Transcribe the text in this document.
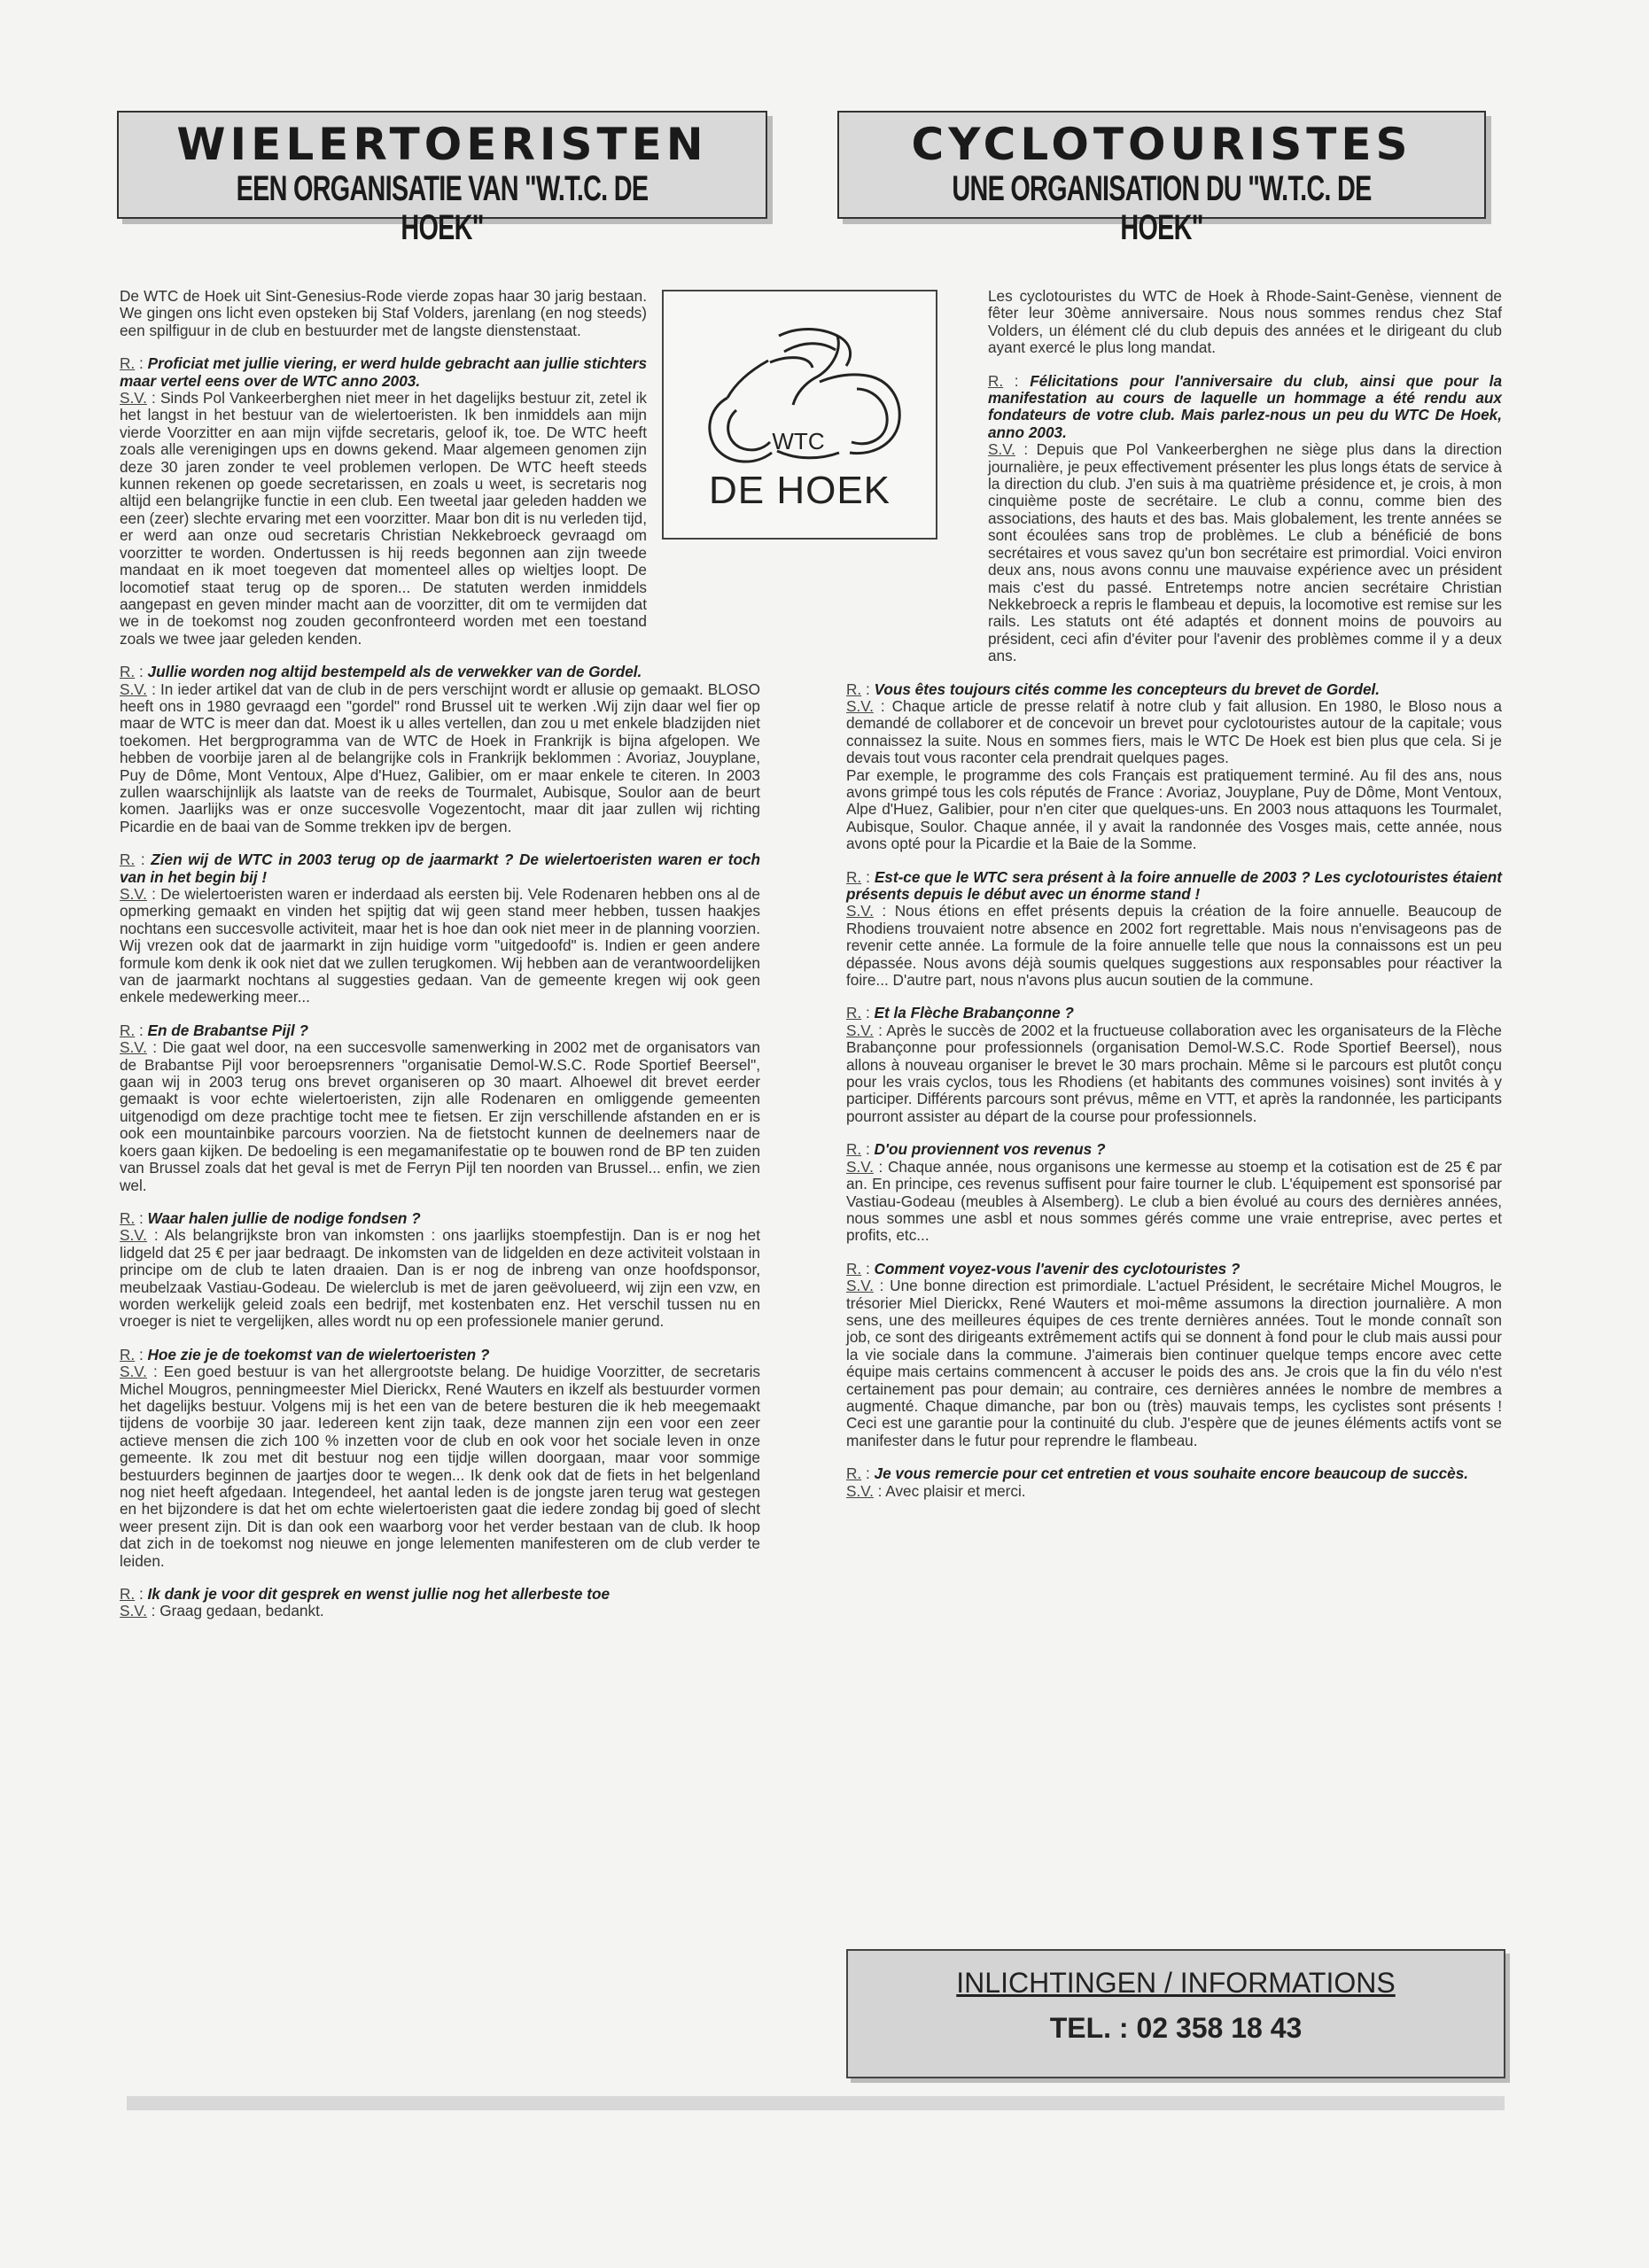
WIELERTOERISTEN
EEN ORGANISATIE VAN "W.T.C. DE HOEK"
CYCLOTOURISTES
UNE ORGANISATION DU "W.T.C. DE HOEK"
WTC
DE HOEK

De WTC de Hoek uit Sint-Genesius-Rode vierde zopas haar 30 jarig bestaan. We gingen ons licht even opsteken bij Staf Volders, jarenlang (en nog steeds) een spilfiguur in de club en bestuurder met de langste dienstenstaat.

R. : Proficiat met jullie viering, er werd hulde gebracht aan jullie stichters maar vertel eens over de WTC anno 2003.
S.V. : Sinds Pol Vankeerberghen niet meer in het dagelijks bestuur zit, zetel ik het langst in het bestuur van de wielertoeristen. Ik ben inmiddels aan mijn vierde Voorzitter en aan mijn vijfde secretaris, geloof ik, toe. De WTC heeft zoals alle verenigingen ups en downs gekend. Maar algemeen genomen zijn deze 30 jaren zonder te veel problemen verlopen. De WTC heeft steeds kunnen rekenen op goede secretarissen, en zoals u weet, is secretaris nog altijd een belangrijke functie in een club. Een tweetal jaar geleden hadden we een (zeer) slechte ervaring met een voorzitter. Maar bon dit is nu verleden tijd, er werd aan onze oud secretaris Christian Nekkebroeck gevraagd om voorzitter te worden. Ondertussen is hij reeds begonnen aan zijn tweede mandaat en ik moet toegeven dat momenteel alles op wieltjes loopt. De locomotief staat terug op de sporen... De statuten werden inmiddels aangepast en geven minder macht aan de voorzitter, dit om te vermijden dat we in de toekomst nog zouden geconfronteerd worden met een toestand zoals we twee jaar geleden kenden.

R. : Jullie worden nog altijd bestempeld als de verwekker van de Gordel.
S.V. : In ieder artikel dat van de club in de pers verschijnt wordt er allusie op gemaakt. BLOSO heeft ons in 1980 gevraagd een "gordel" rond Brussel uit te werken .Wij zijn daar wel fier op maar de WTC is meer dan dat. Moest ik u alles vertellen, dan zou u met enkele bladzijden niet toekomen. Het bergprogramma van de WTC de Hoek in Frankrijk is bijna afgelopen. We hebben de voorbije jaren al de belangrijke cols in Frankrijk beklommen : Avoriaz, Jouyplane, Puy de Dôme, Mont Ventoux, Alpe d'Huez, Galibier, om er maar enkele te citeren. In 2003 zullen waarschijnlijk als laatste van de reeks de Tourmalet, Aubisque, Soulor aan de beurt komen. Jaarlijks was er onze succesvolle Vogezentocht, maar dit jaar zullen wij richting Picardie en de baai van de Somme trekken ipv de bergen.

R. : Zien wij de WTC in 2003 terug op de jaarmarkt ? De wielertoeristen waren er toch van in het begin bij !
S.V. : De wielertoeristen waren er inderdaad als eersten bij. Vele Rodenaren hebben ons al de opmerking gemaakt en vinden het spijtig dat wij geen stand meer hebben, tussen haakjes nochtans een succesvolle activiteit, maar het is hoe dan ook niet meer in de planning voorzien. Wij vrezen ook dat de jaarmarkt in zijn huidige vorm "uitgedoofd" is. Indien er geen andere formule kom denk ik ook niet dat we zullen terugkomen. Wij hebben aan de verantwoordelijken van de jaarmarkt nochtans al suggesties gedaan. Van de gemeente kregen wij ook geen enkele medewerking meer...

R. : En de Brabantse Pijl ?
S.V. : Die gaat wel door, na een succesvolle samenwerking in 2002 met de organisators van de Brabantse Pijl voor beroepsrenners "organisatie Demol-W.S.C. Rode Sportief Beersel", gaan wij in 2003 terug ons brevet organiseren op 30 maart. Alhoewel dit brevet eerder gemaakt is voor echte wielertoeristen, zijn alle Rodenaren en omliggende gemeenten uitgenodigd om deze prachtige tocht mee te fietsen. Er zijn verschillende afstanden en er is ook een mountainbike parcours voorzien. Na de fietstocht kunnen de deelnemers naar de koers gaan kijken. De bedoeling is een megamanifestatie op te bouwen rond de BP ten zuiden van Brussel zoals dat het geval is met de Ferryn Pijl ten noorden van Brussel... enfin, we zien wel.

R. : Waar halen jullie de nodige fondsen ?
S.V. : Als belangrijkste bron van inkomsten : ons jaarlijks stoempfestijn. Dan is er nog het lidgeld dat 25 € per jaar bedraagt. De inkomsten van de lidgelden en deze activiteit volstaan in principe om de club te laten draaien. Dan is er nog de inbreng van onze hoofdsponsor, meubelzaak Vastiau-Godeau. De wielerclub is met de jaren geëvolueerd, wij zijn een vzw, en worden werkelijk geleid zoals een bedrijf, met kostenbaten enz. Het verschil tussen nu en vroeger is niet te vergelijken, alles wordt nu op een professionele manier gerund.

R. : Hoe zie je de toekomst van de wielertoeristen ?
S.V. : Een goed bestuur is van het allergrootste belang. De huidige Voorzitter, de secretaris Michel Mougros, penningmeester Miel Dierickx, René Wauters en ikzelf als bestuurder vormen het dagelijks bestuur. Volgens mij is het een van de betere besturen die ik heb meegemaakt tijdens de voorbije 30 jaar. Iedereen kent zijn taak, deze mannen zijn een voor een zeer actieve mensen die zich 100 % inzetten voor de club en ook voor het sociale leven in onze gemeente. Ik zou met dit bestuur nog een tijdje willen doorgaan, maar voor sommige bestuurders beginnen de jaartjes door te wegen... Ik denk ook dat de fiets in het belgenland nog niet heeft afgedaan. Integendeel, het aantal leden is de jongste jaren terug wat gestegen en het bijzondere is dat het om echte wielertoeristen gaat die iedere zondag bij goed of slecht weer present zijn. Dit is dan ook een waarborg voor het verder bestaan van de club. Ik hoop dat zich in de toekomst nog nieuwe en jonge lelementen manifesteren om de club verder te leiden.

R. : Ik dank je voor dit gesprek en wenst jullie nog het allerbeste toe
S.V. : Graag gedaan, bedankt.

Les cyclotouristes du WTC de Hoek à Rhode-Saint-Genèse, viennent de fêter leur 30ème anniversaire. Nous nous sommes rendus chez Staf Volders, un élément clé du club depuis des années et le dirigeant du club ayant exercé le plus long mandat.

R. : Félicitations pour l'anniversaire du club, ainsi que pour la manifestation au cours de laquelle un hommage a été rendu aux fondateurs de votre club. Mais parlez-nous un peu du WTC De Hoek, anno 2003.
S.V. : Depuis que Pol Vankeerberghen ne siège plus dans la direction journalière, je peux effectivement présenter les plus longs états de service à la direction du club. J'en suis à ma quatrième présidence et, je crois, à mon cinquième poste de secrétaire. Le club a connu, comme bien des associations, des hauts et des bas. Mais globalement, les trente années se sont écoulées sans trop de problèmes. Le club a bénéficié de bons secrétaires et vous savez qu'un bon secrétaire est primordial. Voici environ deux ans, nous avons connu une mauvaise expérience avec un président mais c'est du passé. Entretemps notre ancien secrétaire Christian Nekkebroeck a repris le flambeau et depuis, la locomotive est remise sur les rails. Les statuts ont été adaptés et donnent moins de pouvoirs au président, ceci afin d'éviter pour l'avenir des problèmes comme il y a deux ans.

R. : Vous êtes toujours cités comme les concepteurs du brevet de Gordel.
S.V. : Chaque article de presse relatif à notre club y fait allusion. En 1980, le Bloso nous a demandé de collaborer et de concevoir un brevet pour cyclotouristes autour de la capitale; vous connaissez la suite. Nous en sommes fiers, mais le WTC De Hoek est bien plus que cela. Si je devais tout vous raconter cela prendrait quelques pages.
Par exemple, le programme des cols Français est pratiquement terminé. Au fil des ans, nous avons grimpé tous les cols réputés de France : Avoriaz, Jouyplane, Puy de Dôme, Mont Ventoux, Alpe d'Huez, Galibier, pour n'en citer que quelques-uns. En 2003 nous attaquons les Tourmalet, Aubisque, Soulor. Chaque année, il y avait la randonnée des Vosges mais, cette année, nous avons opté pour la Picardie et la Baie de la Somme.

R. : Est-ce que le WTC sera présent à la foire annuelle de 2003 ? Les cyclotouristes étaient présents depuis le début avec un énorme stand !
S.V. : Nous étions en effet présents depuis la création de la foire annuelle. Beaucoup de Rhodiens trouvaient notre absence en 2002 fort regrettable. Mais nous n'envisageons pas de revenir cette année. La formule de la foire annuelle telle que nous la connaissons est un peu dépassée. Nous avons déjà soumis quelques suggestions aux responsables pour réactiver la foire... D'autre part, nous n'avons plus aucun soutien de la commune.

R. : Et la Flèche Brabançonne ?
S.V. : Après le succès de 2002 et la fructueuse collaboration avec les organisateurs de la Flèche Brabançonne pour professionnels (organisation Demol-W.S.C. Rode Sportief Beersel), nous allons à nouveau organiser le brevet le 30 mars prochain. Même si le parcours est plutôt conçu pour les vrais cyclos, tous les Rhodiens (et habitants des communes voisines) sont invités à y participer. Différents parcours sont prévus, même en VTT, et après la randonnée, les participants pourront assister au départ de la course pour professionnels.

R. : D'ou proviennent vos revenus ?
S.V. : Chaque année, nous organisons une kermesse au stoemp et la cotisation est de 25 € par an. En principe, ces revenus suffisent pour faire tourner le club. L'équipement est sponsorisé par Vastiau-Godeau (meubles à Alsemberg). Le club a bien évolué au cours des dernières années, nous sommes une asbl et nous sommes gérés comme une vraie entreprise, avec pertes et profits, etc...

R. : Comment voyez-vous l'avenir des cyclotouristes ?
S.V. : Une bonne direction est primordiale. L'actuel Président, le secrétaire Michel Mougros, le trésorier Miel Dierickx, René Wauters et moi-même assumons la direction journalière. A mon sens, une des meilleures équipes de ces trente dernières années. Tout le monde connaît son job, ce sont des dirigeants extrêmement actifs qui se donnent à fond pour le club mais aussi pour la vie sociale dans la commune. J'aimerais bien continuer quelque temps encore avec cette équipe mais certains commencent à accuser le poids des ans. Je crois que la fin du vélo n'est certainement pas pour demain; au contraire, ces dernières années le nombre de membres a augmenté. Chaque dimanche, par bon ou (très) mauvais temps, les cyclistes sont présents ! Ceci est une garantie pour la continuité du club. J'espère que de jeunes éléments actifs vont se manifester dans le futur pour reprendre le flambeau.

R. : Je vous remercie pour cet entretien et vous souhaite encore beaucoup de succès.
S.V. : Avec plaisir et merci.

INLICHTINGEN / INFORMATIONS
TEL. : 02 358 18 43
